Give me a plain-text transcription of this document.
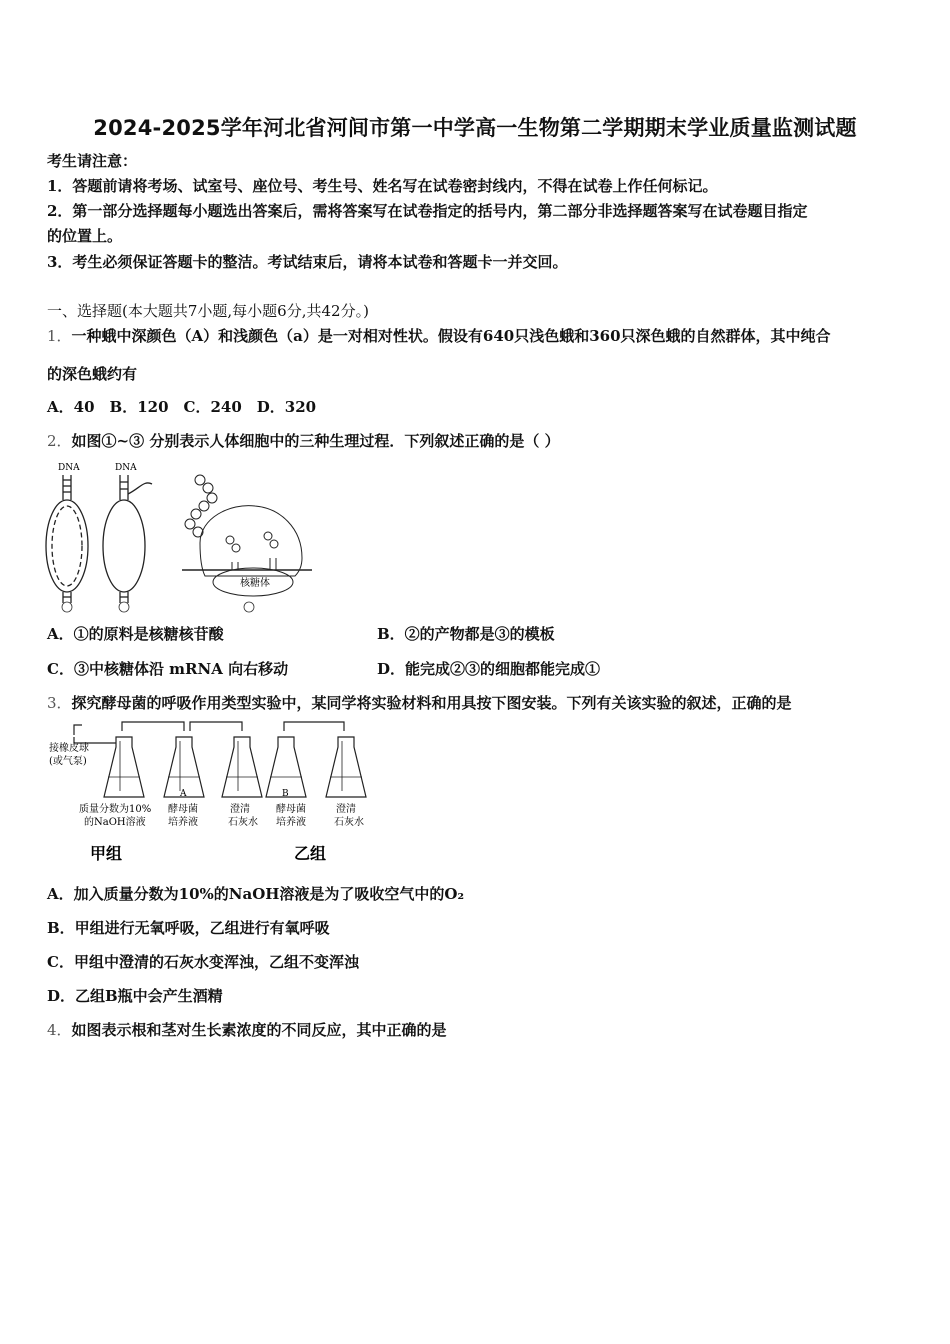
2024-2025学年河北省河间市第一中学高一生物第二学期期末学业质量监测试题
考生请注意：
1．答题前请将考场、试室号、座位号、考生号、姓名写在试卷密封线内，不得在试卷上作任何标记。
2．第一部分选择题每小题选出答案后，需将答案写在试卷指定的括号内，第二部分非选择题答案写在试卷题目指定
的位置上。
3．考生必须保证答题卡的整洁。考试结束后，请将本试卷和答题卡一并交回。
一、选择题(本大题共7小题,每小题6分,共42分。)
1．一种蛾中深颜色（A）和浅颜色（a）是一对相对性状。假设有640只浅色蛾和360只深色蛾的自然群体，其中纯合
的深色蛾约有
A．40　B．120　C．240　D．320
2．如图①~③ 分别表示人体细胞中的三种生理过程．下列叙述正确的是（ ）
DNA	DNA
核糖体
A．①的原料是核糖核苷酸	B．②的产物都是③的模板
C．③中核糖体沿 mRNA 向右移动	D．能完成②③的细胞都能完成①
3．探究酵母菌的呼吸作用类型实验中，某同学将实验材料和用具按下图安装。下列有关该实验的叙述，正确的是
接橡皮球
(或气泵)
A	B
质量分数为10%
的NaOH溶液
酵母菌
培养液
澄清
石灰水
酵母菌
培养液
澄清
石灰水
甲组	乙组
A．加入质量分数为10%的NaOH溶液是为了吸收空气中的O₂
B．甲组进行无氧呼吸，乙组进行有氧呼吸
C．甲组中澄清的石灰水变浑浊，乙组不变浑浊
D．乙组B瓶中会产生酒精
4．如图表示根和茎对生长素浓度的不同反应，其中正确的是
